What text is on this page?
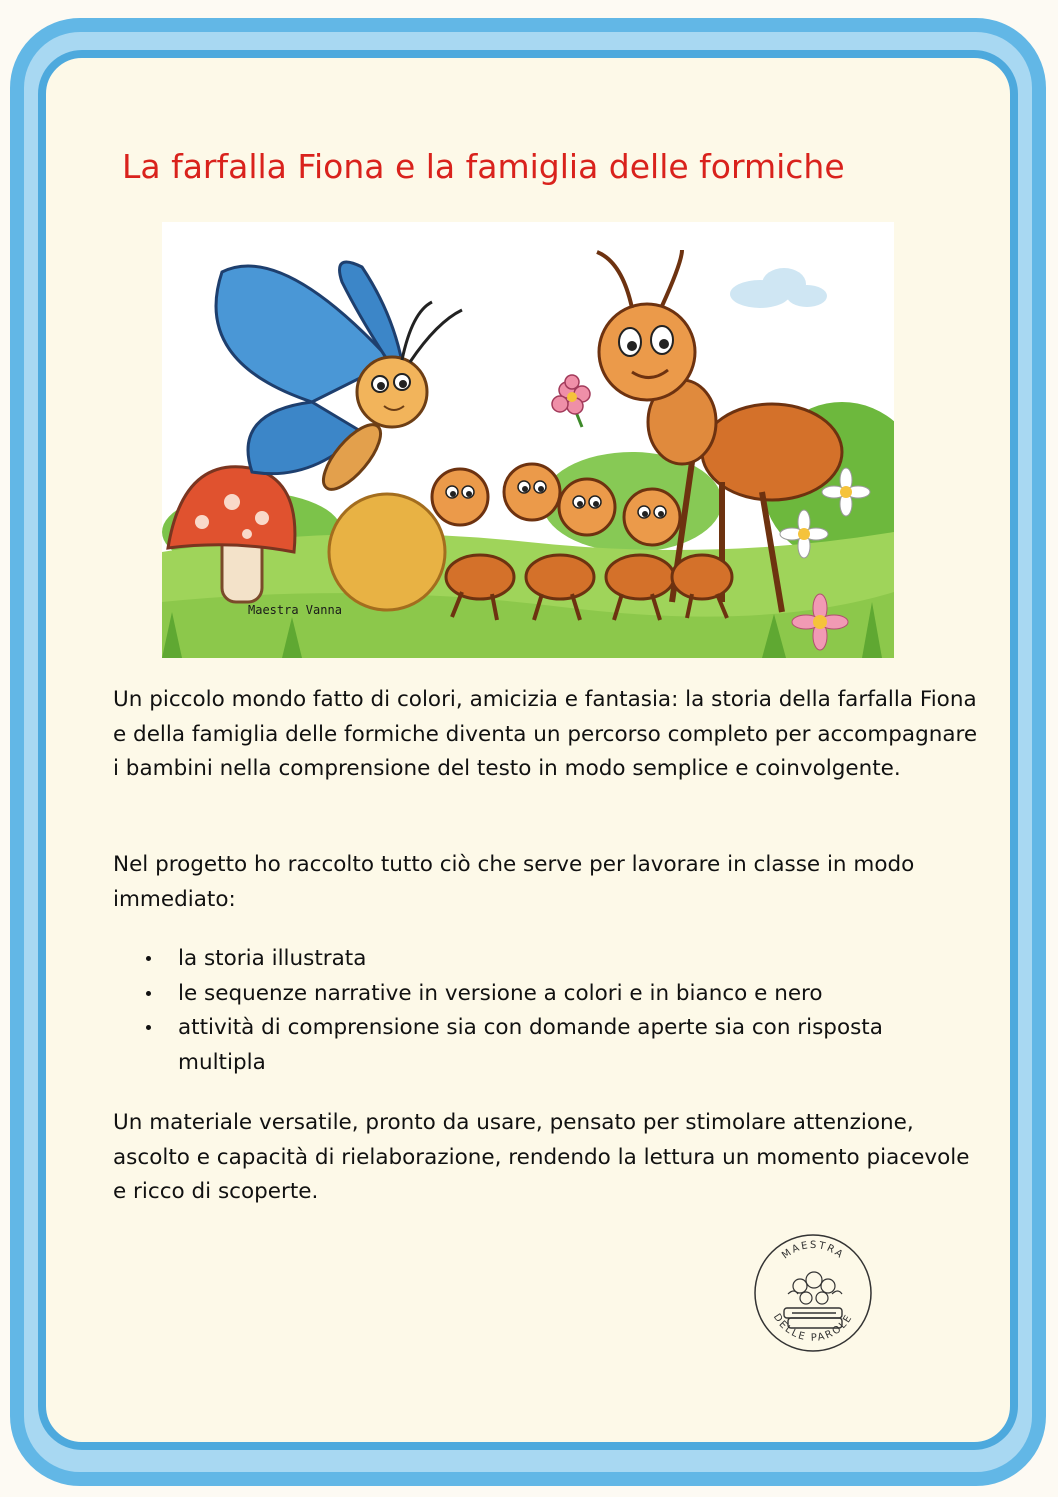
La farfalla Fiona e la famiglia delle formiche
Maestra Vanna

Un piccolo mondo fatto di colori, amicizia e fantasia: la storia della farfalla Fiona e della famiglia delle formiche diventa un percorso completo per accompagnare i bambini nella comprensione del testo in modo semplice e coinvolgente.

Nel progetto ho raccolto tutto ciò che serve per lavorare in classe in modo immediato:

la storia illustrata
le sequenze narrative in versione a colori e in bianco e nero
attività di comprensione sia con domande aperte sia con risposta multipla

Un materiale versatile, pronto da usare, pensato per stimolare attenzione, ascolto e capacità di rielaborazione, rendendo la lettura un momento piacevole e ricco di scoperte.

MAESTRA
DELLE PAROLE
